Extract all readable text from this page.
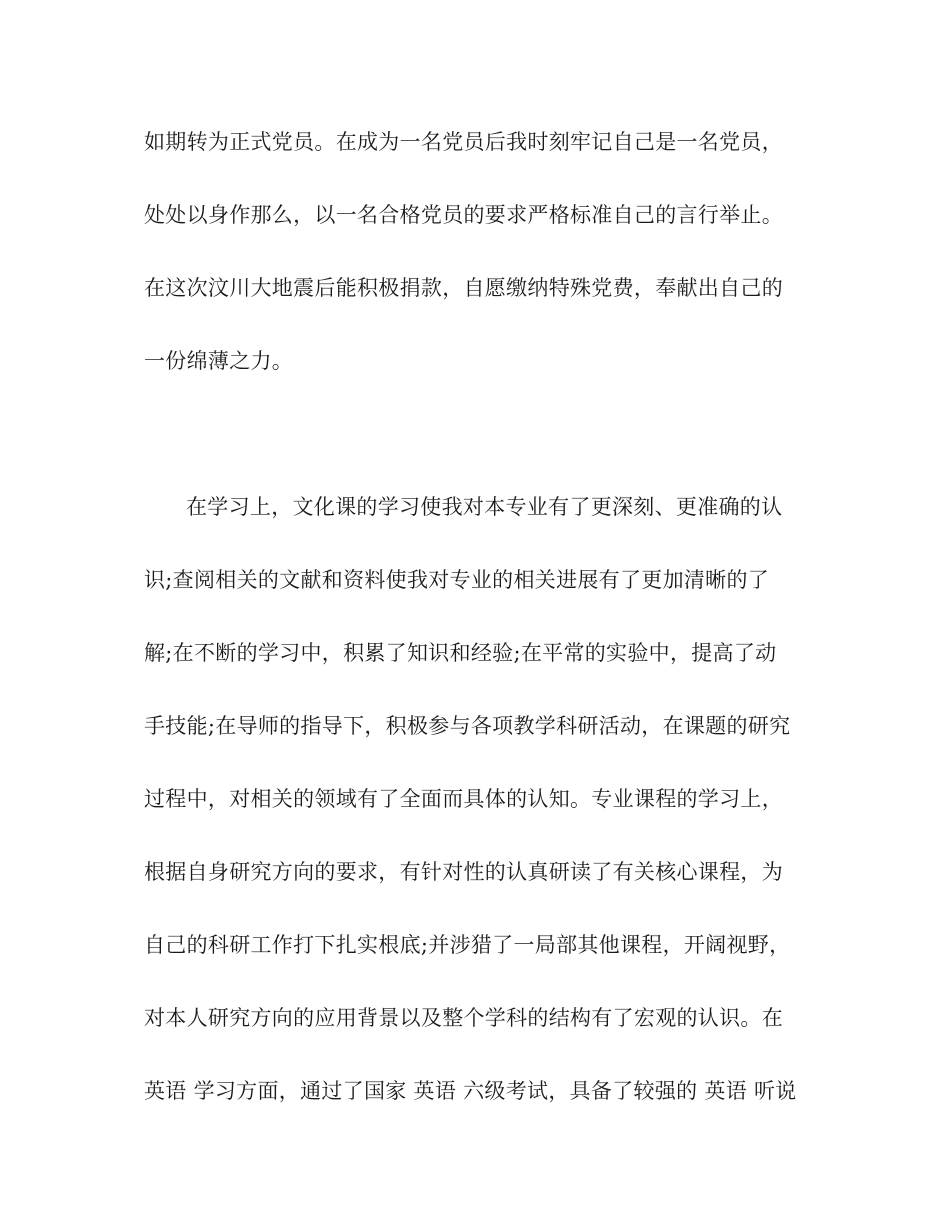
如期转为正式党员。在成为一名党员后我时刻牢记自己是一名党员，
处处以身作那么，以一名合格党员的要求严格标准自己的言行举止。
在这次汶川大地震后能积极捐款，自愿缴纳特殊党费，奉献出自己的
一份绵薄之力。
在学习上，文化课的学习使我对本专业有了更深刻、更准确的认
识;查阅相关的文献和资料使我对专业的相关进展有了更加清晰的了
解;在不断的学习中，积累了知识和经验;在平常的实验中，提高了动
手技能;在导师的指导下，积极参与各项教学科研活动，在课题的研究
过程中，对相关的领域有了全面而具体的认知。专业课程的学习上，
根据自身研究方向的要求，有针对性的认真研读了有关核心课程，为
自己的科研工作打下扎实根底;并涉猎了一局部其他课程，开阔视野，
对本人研究方向的应用背景以及整个学科的结构有了宏观的认识。在
英语 学习方面，通过了国家 英语 六级考试，具备了较强的 英语 听说
